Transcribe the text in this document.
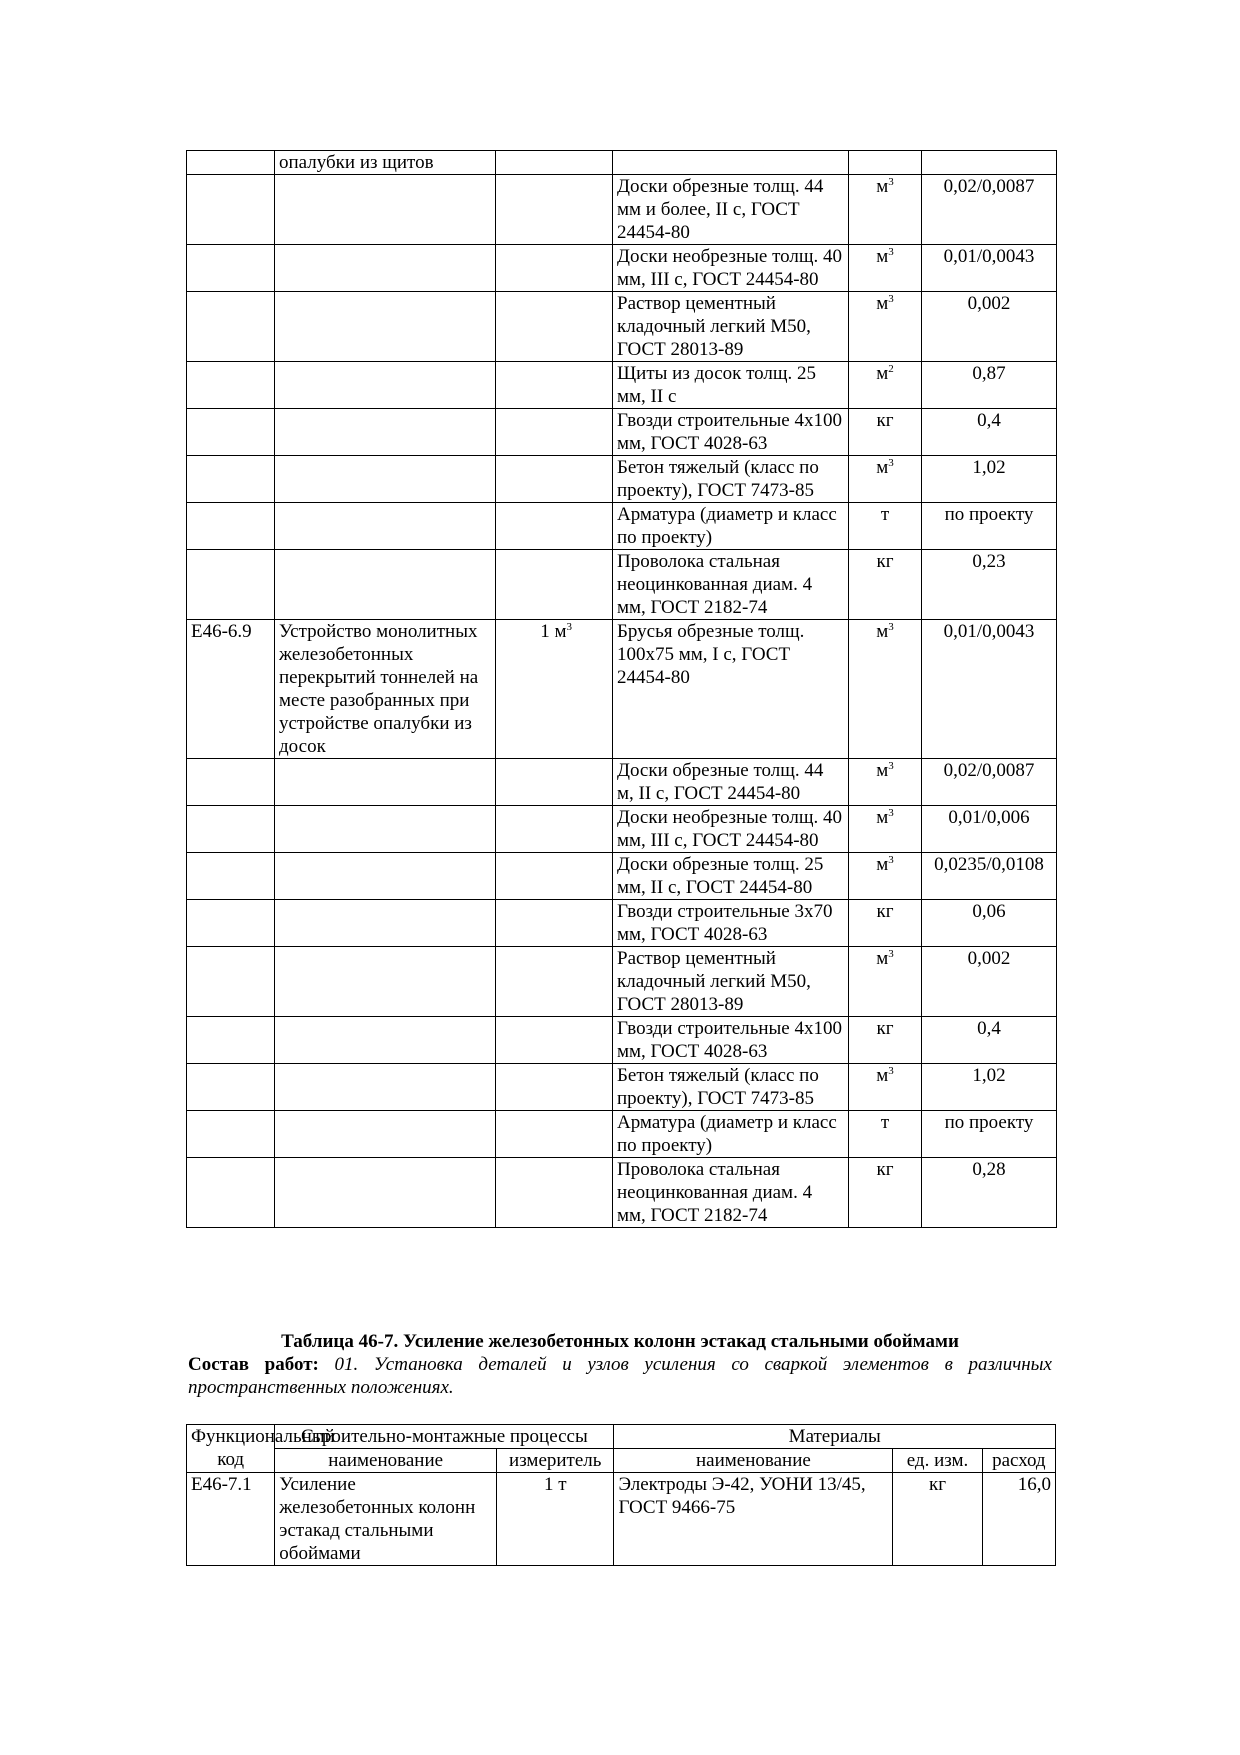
	опалубки из щитов				
			Доски обрезные толщ. 44 мм и более, II с, ГОСТ 24454-80	$м^3$	0,02/0,0087
			Доски необрезные толщ. 40 мм, III с, ГОСТ 24454-80	$м^3$	0,01/0,0043
			Раствор цементный кладочный легкий М50, ГОСТ 28013-89	$м^3$	0,002
			Щиты из досок толщ. 25 мм, II с	$м^2$	0,87
			Гвозди строительные 4х100 мм, ГОСТ 4028-63	кг	0,4
			Бетон тяжелый (класс по проекту), ГОСТ 7473-85	$м^3$	1,02
			Арматура (диаметр и класс по проекту)	т	по проекту
			Проволока стальная неоцинкованная диам. 4 мм, ГОСТ 2182-74	кг	0,23
Е46-6.9	Устройство монолитных железобетонных перекрытий тоннелей на месте разобранных при устройстве опалубки из досок	1 $м^3$	Брусья обрезные толщ. 100х75 мм, I с, ГОСТ 24454-80	$м^3$	0,01/0,0043
			Доски обрезные толщ. 44 м, II с, ГОСТ 24454-80	$м^3$	0,02/0,0087
			Доски необрезные толщ. 40 мм, III с, ГОСТ 24454-80	$м^3$	0,01/0,006
			Доски обрезные толщ. 25 мм, II с, ГОСТ 24454-80	$м^3$	0,0235/0,0108
			Гвозди строительные 3х70 мм, ГОСТ 4028-63	кг	0,06
			Раствор цементный кладочный легкий М50, ГОСТ 28013-89	$м^3$	0,002
			Гвозди строительные 4х100 мм, ГОСТ 4028-63	кг	0,4
			Бетон тяжелый (класс по проекту), ГОСТ 7473-85	$м^3$	1,02
			Арматура (диаметр и класс по проекту)	т	по проекту
			Проволока стальная неоцинкованная диам. 4 мм, ГОСТ 2182-74	кг	0,28
Таблица 46-7. Усиление железобетонных колонн эстакад стальными обоймами
Состав работ: 01. Установка деталей и узлов усиления со сваркой элементов в различных пространственных положениях.
Функциональный код	Строительно-монтажные процессы		Материалы		
	наименование	измеритель	наименование	ед. изм.	расход
Е46-7.1	Усиление железобетонных колонн эстакад стальными обоймами	1 т	Электроды Э-42, УОНИ 13/45, ГОСТ 9466-75	кг	16,0
